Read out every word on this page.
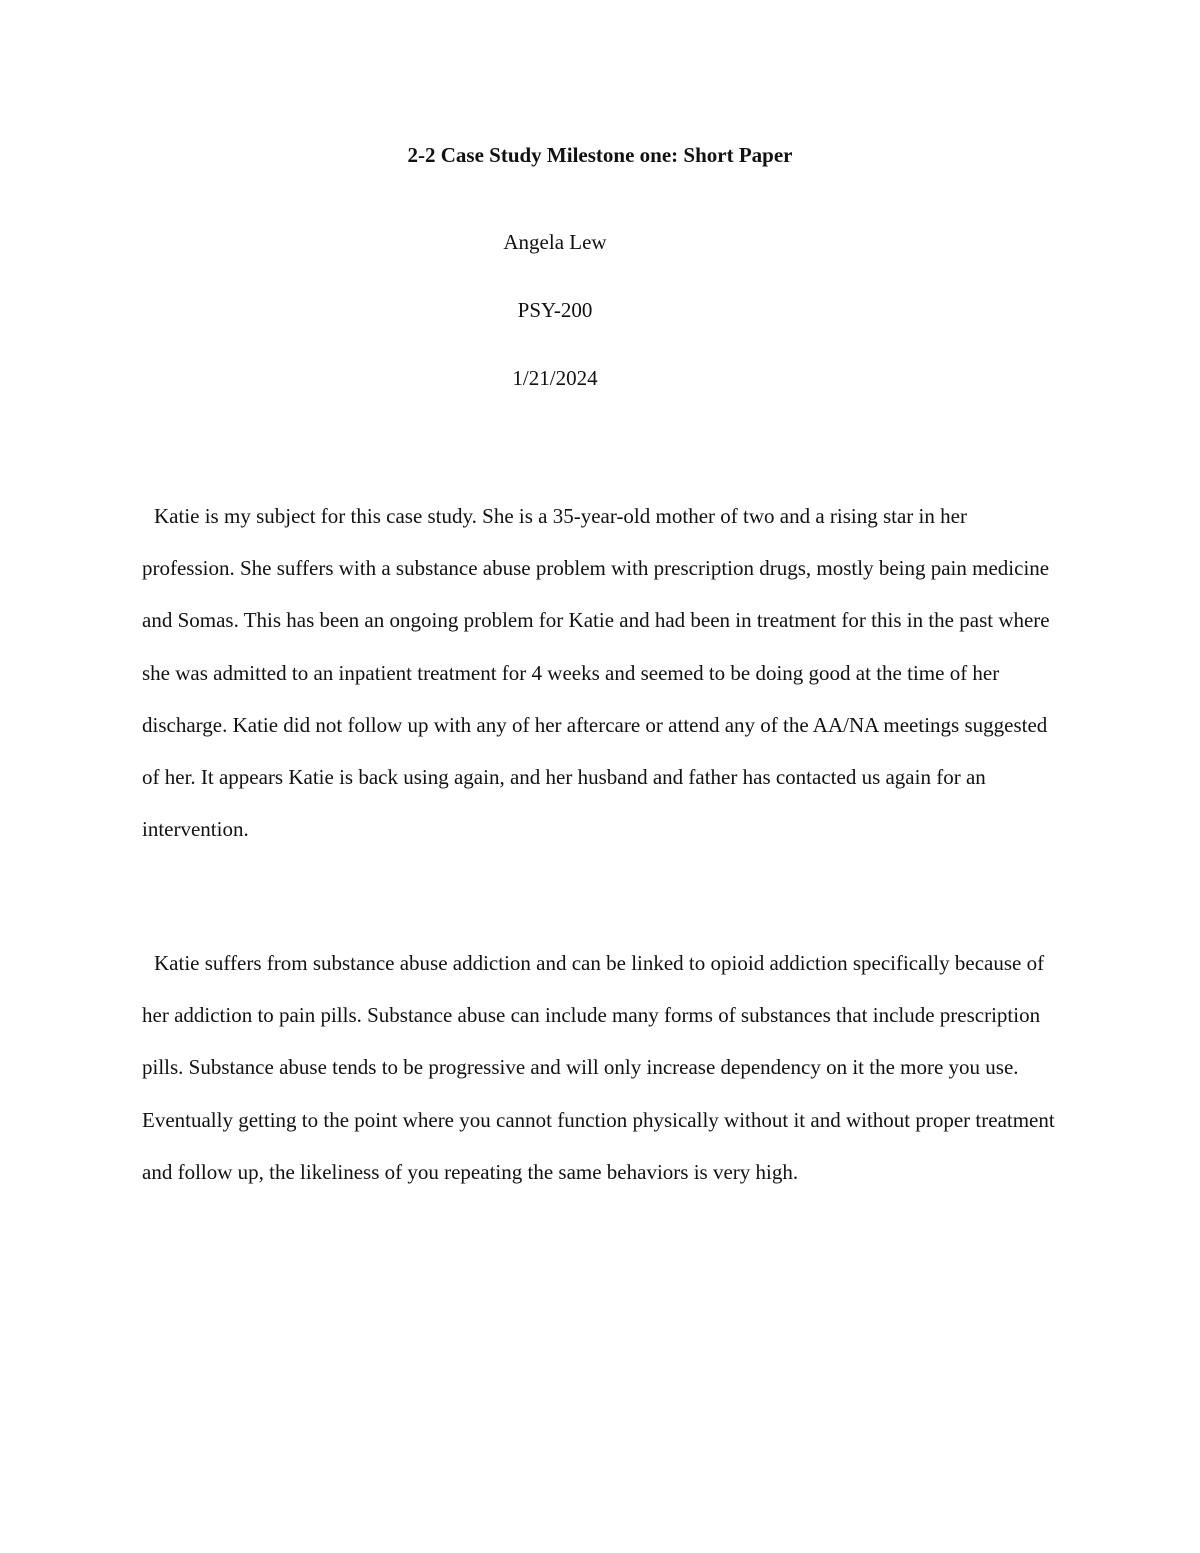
2-2 Case Study Milestone one: Short Paper

Angela Lew

PSY-200

1/21/2024

Katie is my subject for this case study. She is a 35-year-old mother of two and a rising star in her profession. She suffers with a substance abuse problem with prescription drugs, mostly being pain medicine and Somas. This has been an ongoing problem for Katie and had been in treatment for this in the past where she was admitted to an inpatient treatment for 4 weeks and seemed to be doing good at the time of her discharge. Katie did not follow up with any of her aftercare or attend any of the AA/NA meetings suggested of her. It appears Katie is back using again, and her husband and father has contacted us again for an intervention.

Katie suffers from substance abuse addiction and can be linked to opioid addiction specifically because of her addiction to pain pills. Substance abuse can include many forms of substances that include prescription pills. Substance abuse tends to be progressive and will only increase dependency on it the more you use. Eventually getting to the point where you cannot function physically without it and without proper treatment and follow up, the likeliness of you repeating the same behaviors is very high.
